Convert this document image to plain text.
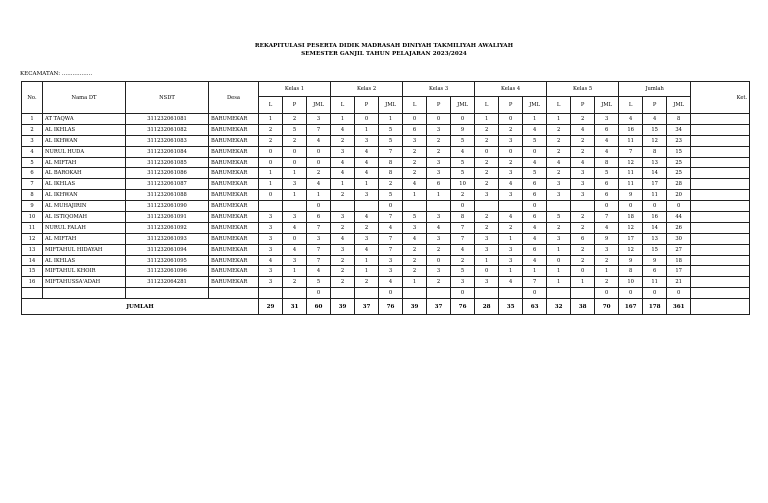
REKAPITULASI PESERTA DIDIK MADRASAH DINIYAH TAKMILIYAH AWALIYAH
SEMESTER GANJIL TAHUN PELAJARAN 2023/2024
KECAMATAN: .................
No.	Nama DT	NSDT	Desa	Kelas 1			Kelas 2			Kelas 3			Kelas 4			Kelas 5			Jumlah			Ket.
				L	P	JML	L	P	JML	L	P	JML	L	P	JML	L	P	JML	L	P	JML	
1	AT TAQWA	311232061081	BARUMEKAR	1	2	3	1	0	1	0	0	0	1	0	1	1	2	3	4	4	8	
2	AL IKHLAS	311232061082	BARUMEKAR	2	5	7	4	1	5	6	3	9	2	2	4	2	4	6	16	15	34	
3	AL IKHWAN	311232061083	BARUMEKAR	2	2	4	2	3	5	3	2	5	2	3	5	2	2	4	11	12	23	
4	NURUL HUDA	311232061084	BARUMEKAR	0	0	0	3	4	7	2	2	4	0	0	0	2	2	4	7	8	15	
5	AL MIFTAH	311232061085	BARUMEKAR	0	0	0	4	4	8	2	3	5	2	2	4	4	4	8	12	13	25	
6	AL BAROKAH	311232061086	BARUMEKAR	1	1	2	4	4	8	2	3	5	2	3	5	2	3	5	11	14	25	
7	AL IKHLAS	311232061087	BARUMEKAR	1	3	4	1	1	2	4	6	10	2	4	6	3	3	6	11	17	28	
8	AL IKHWAN	311232061088	BARUMEKAR	0	1	1	2	3	5	1	1	2	3	3	6	3	3	6	9	11	20	
9	AL MUHAJIRIN	311232061090	BARUMEKAR			0			0			0			0			0	0	0	0	
10	AL ISTIQOMAH	311232061091	BARUMEKAR	3	3	6	3	4	7	5	3	8	2	4	6	5	2	7	18	16	44	
11	NURUL FALAH	311232061092	BARUMEKAR	3	4	7	2	2	4	3	4	7	2	2	4	2	2	4	12	14	26	
12	AL MIFTAH	311232061093	BARUMEKAR	3	0	3	4	3	7	4	3	7	3	1	4	3	6	9	17	13	30	
13	MIFTAHUL HIDAYAH	311232061094	BARUMEKAR	3	4	7	3	4	7	2	2	4	3	3	6	1	2	3	12	15	27	
14	AL IKHLAS	311232061095	BARUMEKAR	4	3	7	2	1	3	2	0	2	1	3	4	0	2	2	9	9	18	
15	MIFTAHUL KHOIR	311232061096	BARUMEKAR	3	1	4	2	1	3	2	3	5	0	1	1	1	0	1	8	6	17	
16	MIFTAHUSSA'ADAH	311232064281	BARUMEKAR	3	2	5	2	2	4	1	2	3	3	4	7	1	1	2	10	11	21	
						0			0			0			0			0	0	0	0	
JUMLAH				29	31	60	39	37	76	39	37	76	28	35	63	32	38	70	167	178	361	
